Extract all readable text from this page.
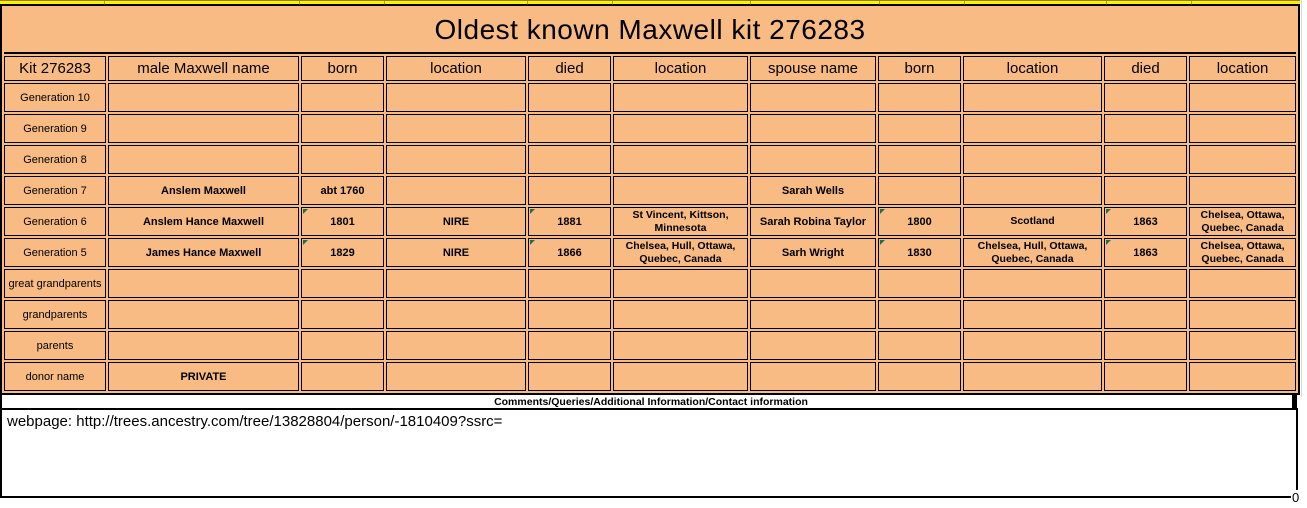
Oldest known Maxwell kit 276283										
Kit 276283	male Maxwell name	born	location	died	location	spouse name	born	location	died	location
Generation 10										
Generation 9										
Generation 8										
Generation 7	Anslem Maxwell	abt 1760				Sarah Wells				
Generation 6	Anslem Hance Maxwell	1801	NIRE	1881	St Vincent, Kittson, Minnesota	Sarah Robina Taylor	1800	Scotland	1863	Chelsea, Ottawa, Quebec, Canada
Generation 5	James Hance Maxwell	1829	NIRE	1866	Chelsea, Hull, Ottawa, Quebec, Canada	Sarh Wright	1830	Chelsea, Hull, Ottawa, Quebec, Canada	1863	Chelsea, Ottawa, Quebec, Canada
great grandparents										
grandparents										
parents										
donor name	PRIVATE									
Comments/Queries/Additional Information/Contact information
webpage: http://trees.ancestry.com/tree/13828804/person/-1810409?ssrc=
0
